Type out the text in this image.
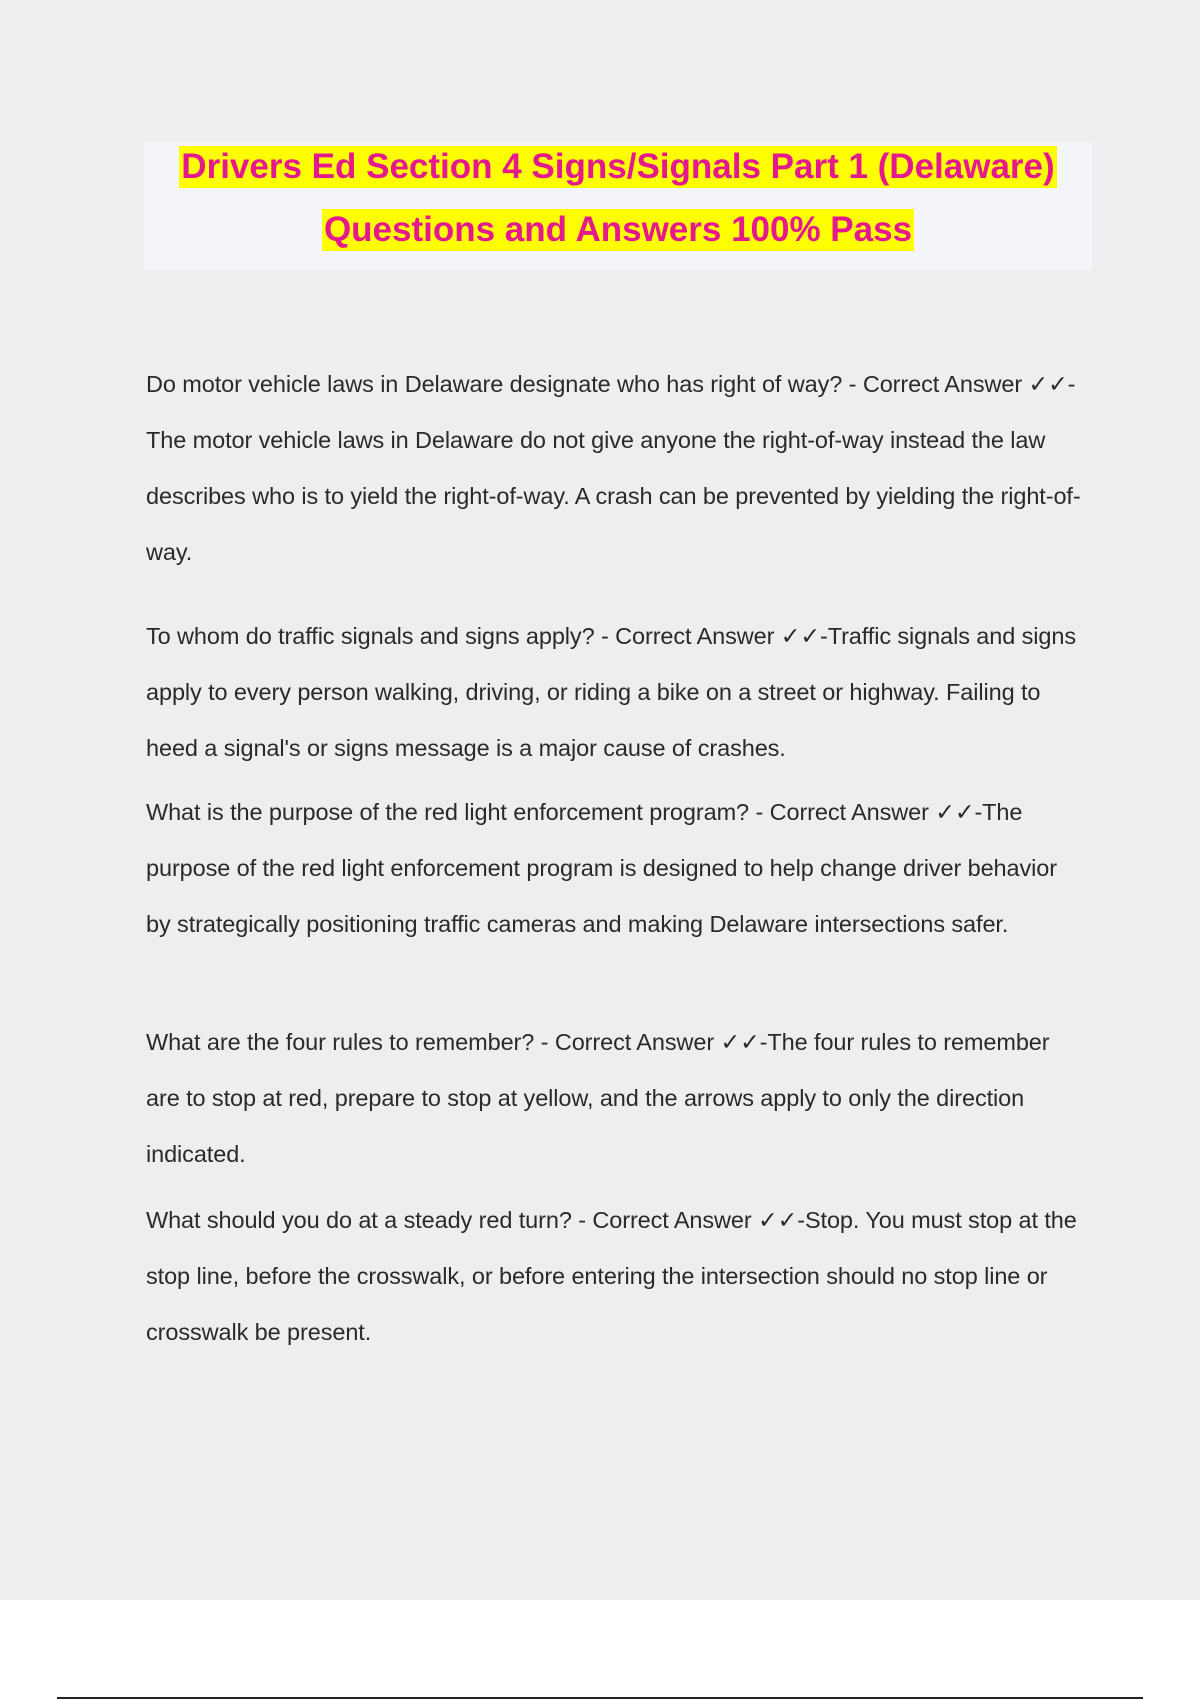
Drivers Ed Section 4 Signs/Signals Part 1 (Delaware)
Questions and Answers 100% Pass

Do motor vehicle laws in Delaware designate who has right of way? - Correct Answer ✓✓-The motor vehicle laws in Delaware do not give anyone the right-of-way instead the law describes who is to yield the right-of-way. A crash can be prevented by yielding the right-of-way.

To whom do traffic signals and signs apply? - Correct Answer ✓✓-Traffic signals and signs apply to every person walking, driving, or riding a bike on a street or highway. Failing to heed a signal's or signs message is a major cause of crashes.

What is the purpose of the red light enforcement program? - Correct Answer ✓✓-The purpose of the red light enforcement program is designed to help change driver behavior by strategically positioning traffic cameras and making Delaware intersections safer.

What are the four rules to remember? - Correct Answer ✓✓-The four rules to remember are to stop at red, prepare to stop at yellow, and the arrows apply to only the direction indicated.

What should you do at a steady red turn? - Correct Answer ✓✓-Stop. You must stop at the stop line, before the crosswalk, or before entering the intersection should no stop line or crosswalk be present.
